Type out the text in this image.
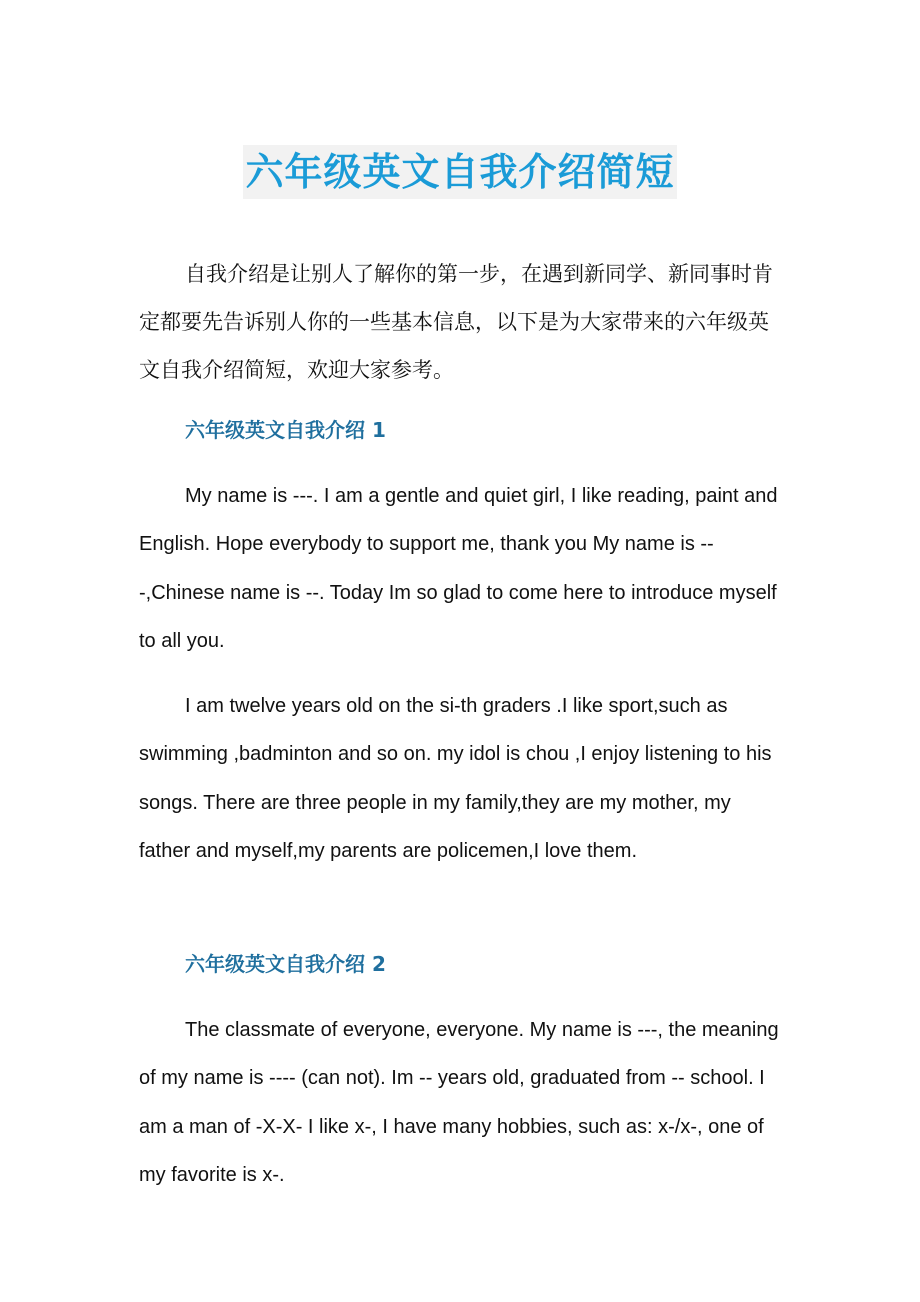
六年级英文自我介绍简短

自我介绍是让别人了解你的第一步，在遇到新同学、新同事时肯定都要先告诉别人你的一些基本信息，以下是为大家带来的六年级英文自我介绍简短，欢迎大家参考。

六年级英文自我介绍 1

My name is ---. I am a gentle and quiet girl, I like reading, paint and English. Hope everybody to support me, thank you My name is ---,Chinese name is --. Today Im so glad to come here to introduce myself to all you.

I am twelve years old on the si-th graders .I like sport,such as swimming ,badminton and so on. my idol is chou ,I enjoy listening to his songs. There are three people in my family,they are my mother, my father and myself,my parents are policemen,I love them.

六年级英文自我介绍 2

The classmate of everyone, everyone. My name is ---, the meaning of my name is ---- (can not). Im -- years old, graduated from -- school. I am a man of -X-X- I like x-, I have many hobbies, such as: x-/x-, one of my favorite is x-.
